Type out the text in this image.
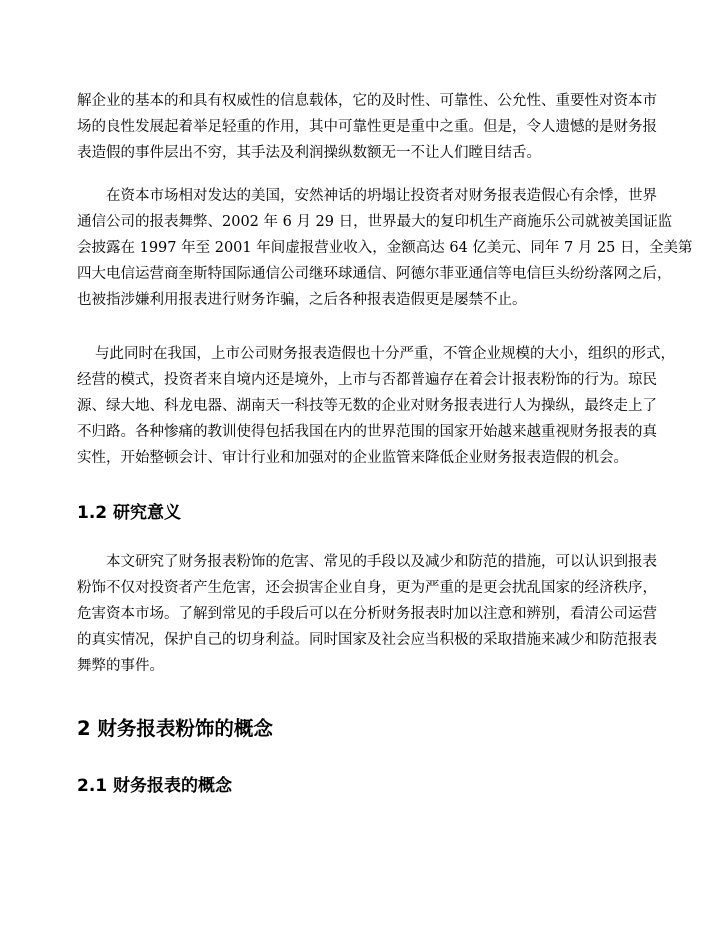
解企业的基本的和具有权威性的信息载体，它的及时性、可靠性、公允性、重要性对资本市
场的良性发展起着举足轻重的作用，其中可靠性更是重中之重。但是，令人遗憾的是财务报
表造假的事件层出不穷，其手法及利润操纵数额无一不让人们瞠目结舌。
在资本市场相对发达的美国，安然神话的坍塌让投资者对财务报表造假心有余悸，世界
通信公司的报表舞弊、2002 年 6 月 29 日，世界最大的复印机生产商施乐公司就被美国证监
会披露在 1997 年至 2001 年间虚报营业收入，金额高达 64 亿美元、同年 7 月 25 日，全美第
四大电信运营商奎斯特国际通信公司继环球通信、阿德尔菲亚通信等电信巨头纷纷落网之后，
也被指涉嫌利用报表进行财务诈骗，之后各种报表造假更是屡禁不止。
与此同时在我国，上市公司财务报表造假也十分严重，不管企业规模的大小，组织的形式，
经营的模式，投资者来自境内还是境外，上市与否都普遍存在着会计报表粉饰的行为。琼民
源、绿大地、科龙电器、湖南天一科技等无数的企业对财务报表进行人为操纵，最终走上了
不归路。各种惨痛的教训使得包括我国在内的世界范围的国家开始越来越重视财务报表的真
实性，开始整顿会计、审计行业和加强对的企业监管来降低企业财务报表造假的机会。
1.2 研究意义
本文研究了财务报表粉饰的危害、常见的手段以及减少和防范的措施，可以认识到报表
粉饰不仅对投资者产生危害，还会损害企业自身，更为严重的是更会扰乱国家的经济秩序，
危害资本市场。了解到常见的手段后可以在分析财务报表时加以注意和辨别，看清公司运营
的真实情况，保护自己的切身利益。同时国家及社会应当积极的采取措施来减少和防范报表
舞弊的事件。
2 财务报表粉饰的概念
2.1 财务报表的概念
